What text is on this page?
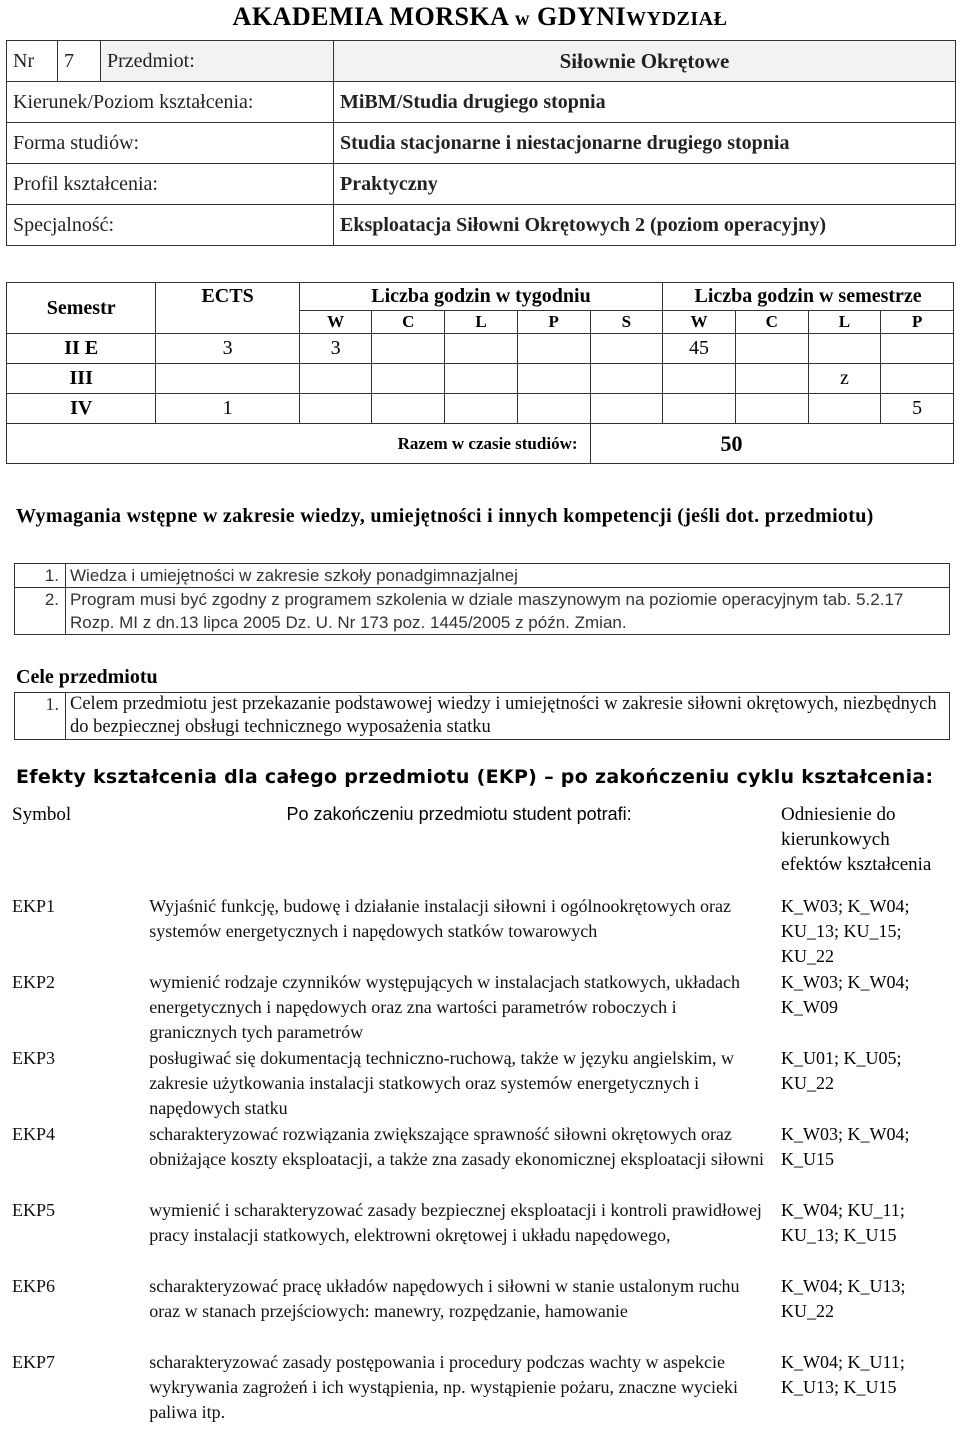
AKADEMIA MORSKA w GDYNIWYDZIAŁ
Nr	7	Przedmiot:	Siłownie Okrętowe
Kierunek/Poziom kształcenia:			MiBM/Studia drugiego stopnia
Forma studiów:			Studia stacjonarne i niestacjonarne drugiego stopnia
Profil kształcenia:			Praktyczny
Specjalność:			Eksploatacja Siłowni Okrętowych 2 (poziom operacyjny)
Semestr	ECTS	Liczba godzin w tygodniu					Liczba godzin w semestrze			
		W	C	L	P	S	W	C	L	P
II E	3	3					45			
III									z	
IV	1									5
Razem w czasie studiów:						50				
Wymagania wstępne w zakresie wiedzy, umiejętności i innych kompetencji (jeśli dot. przedmiotu)
1.	Wiedza i umiejętności w zakresie szkoły ponadgimnazjalnej
2.	Program musi być zgodny z programem szkolenia w dziale maszynowym na poziomie operacyjnym tab. 5.2.17 Rozp. MI z dn.13 lipca 2005 Dz. U. Nr 173 poz. 1445/2005 z późn. Zmian.
Cele przedmiotu
1.	Celem przedmiotu jest przekazanie podstawowej wiedzy i umiejętności w zakresie siłowni okrętowych, niezbędnych do bezpiecznej obsługi technicznego wyposażenia statku
Efekty kształcenia dla całego przedmiotu (EKP) – po zakończeniu cyklu kształcenia:
Symbol	Po zakończeniu przedmiotu student potrafi:	Odniesienie do kierunkowych efektów kształcenia
EKP1	Wyjaśnić funkcję, budowę i działanie instalacji siłowni i ogólnookrętowych oraz systemów energetycznych i napędowych statków towarowych	K_W03; K_W04; KU_13; KU_15; KU_22
EKP2	wymienić rodzaje czynników występujących w instalacjach statkowych, układach energetycznych i napędowych oraz zna wartości parametrów roboczych i granicznych tych parametrów	K_W03; K_W04; K_W09
EKP3	posługiwać się dokumentacją techniczno-ruchową, także w języku angielskim, w zakresie użytkowania instalacji statkowych oraz systemów energetycznych i napędowych statku	K_U01; K_U05; KU_22
EKP4	scharakteryzować rozwiązania zwiększające sprawność siłowni okrętowych oraz obniżające koszty eksploatacji, a także zna zasady ekonomicznej eksploatacji siłowni	K_W03; K_W04; K_U15
EKP5	wymienić i scharakteryzować zasady bezpiecznej eksploatacji i kontroli prawidłowej pracy instalacji statkowych, elektrowni okrętowej i układu napędowego,	K_W04; KU_11; KU_13; K_U15
EKP6	scharakteryzować pracę układów napędowych i siłowni w stanie ustalonym ruchu oraz w stanach przejściowych: manewry, rozpędzanie, hamowanie	K_W04; K_U13; KU_22
EKP7	scharakteryzować zasady postępowania i procedury podczas wachty w aspekcie wykrywania zagrożeń i ich wystąpienia, np. wystąpienie pożaru, znaczne wycieki paliwa itp.	K_W04; K_U11; K_U13; K_U15
